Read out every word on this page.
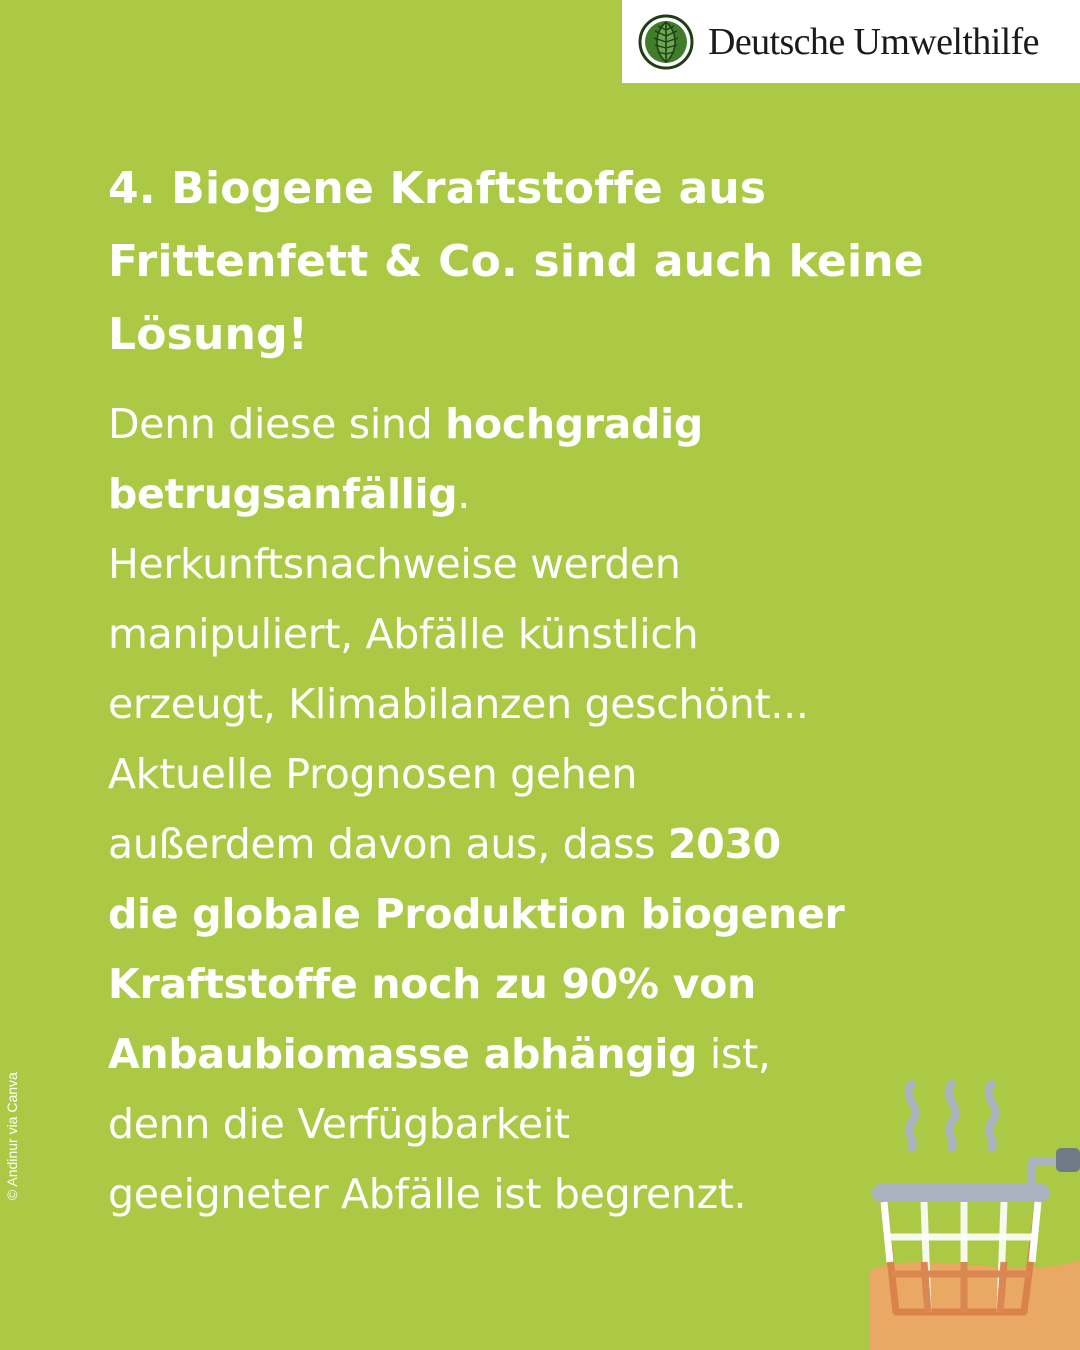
Deutsche Umwelthilfe
4. Biogene Kraftstoffe aus
Frittenfett & Co. sind auch keine
Lösung!
Denn diese sind hochgradig
betrugsanfällig.
Herkunftsnachweise werden
manipuliert, Abfälle künstlich
erzeugt, Klimabilanzen geschönt...
Aktuelle Prognosen gehen
außerdem davon aus, dass 2030
die globale Produktion biogener
Kraftstoffe noch zu 90% von
Anbaubiomasse abhängig ist,
denn die Verfügbarkeit
geeigneter Abfälle ist begrenzt.
© Andinur via Canva
